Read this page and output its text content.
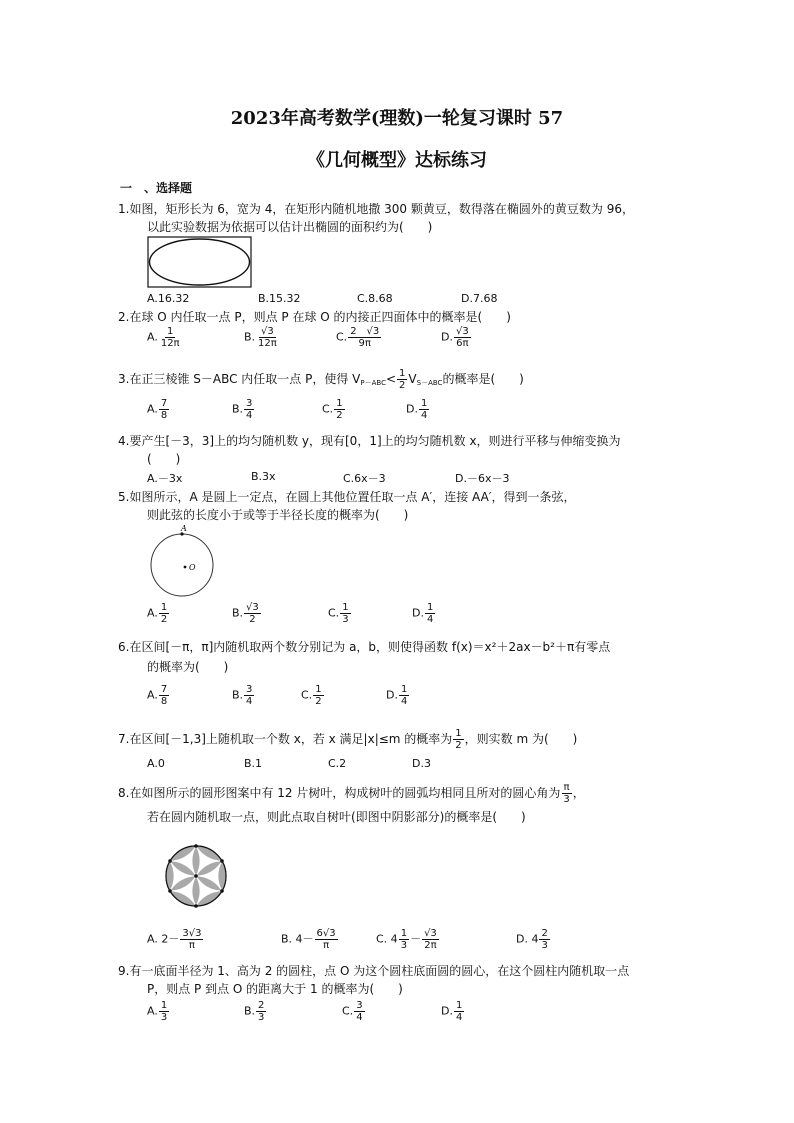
2023年高考数学(理数)一轮复习课时 57
《几何概型》达标练习
一　、选择题
1.如图，矩形长为 6，宽为 4，在矩形内随机地撒 300 颗黄豆，数得落在椭圆外的黄豆数为 96，
以此实验数据为依据可以估计出椭圆的面积约为(　　)
A.16.32	B.15.32	C.8.68	D.7.68
2.在球 O 内任取一点 P，则点 P 在球 O 的内接正四面体中的概率是(　　)
A. $\frac{1}{12\pi}$	B. $\frac{√3}{12\pi}$	C. $\frac{2 √3}{9\pi}$	D. $\frac{√3}{6\pi}$
3.在正三棱锥 S－ABC 内任取一点 P，使得 $V_{P-ABC}< \frac{1}{2} V_{S-ABC}$的概率是(　　)
A. $\frac{7}{8}$	B. $\frac{3}{4}$	C. $\frac{1}{2}$	D. $\frac{1}{4}$
4.要产生[－3，3]上的均匀随机数 y，现有[0，1]上的均匀随机数 x，则进行平移与伸缩变换为
(　　)
A.－3x	B.3x	C.6x－3	D.－6x－3
5.如图所示，A 是圆上一定点，在圆上其他位置任取一点 A′，连接 AA′，得到一条弦，
则此弦的长度小于或等于半径长度的概率为(　　)
A
O
A. $\frac{1}{2}$	B. $\frac{√3}{2}$	C. $\frac{1}{3}$	D. $\frac{1}{4}$
6.在区间[－π，π]内随机取两个数分别记为 a，b，则使得函数 f(x)＝x²＋2ax－b²＋π有零点
的概率为(　　)
A. $\frac{7}{8}$	B. $\frac{3}{4}$	C. $\frac{1}{2}$	D. $\frac{1}{4}$
7.在区间[－1,3]上随机取一个数 x，若 x 满足|x|≤m 的概率为 $\frac{1}{2}$ ，则实数 m 为(　　)
A.0	B.1	C.2	D.3
8.在如图所示的圆形图案中有 12 片树叶，构成树叶的圆弧均相同且所对的圆心角为 $\frac{\pi}{3}$ ，
若在圆内随机取一点，则此点取自树叶(即图中阴影部分)的概率是(　　)
A. $2- \frac{3√3}{\pi}$	B. $4- \frac{6√3}{\pi}$	C. $4 \frac{1}{3} - \frac{√3}{2\pi}$	D. $4 \frac{2}{3}$
9.有一底面半径为 1、高为 2 的圆柱，点 O 为这个圆柱底面圆的圆心，在这个圆柱内随机取一点
P，则点 P 到点 O 的距离大于 1 的概率为(　　)
A. $\frac{1}{3}$	B. $\frac{2}{3}$	C. $\frac{3}{4}$	D. $\frac{1}{4}$
